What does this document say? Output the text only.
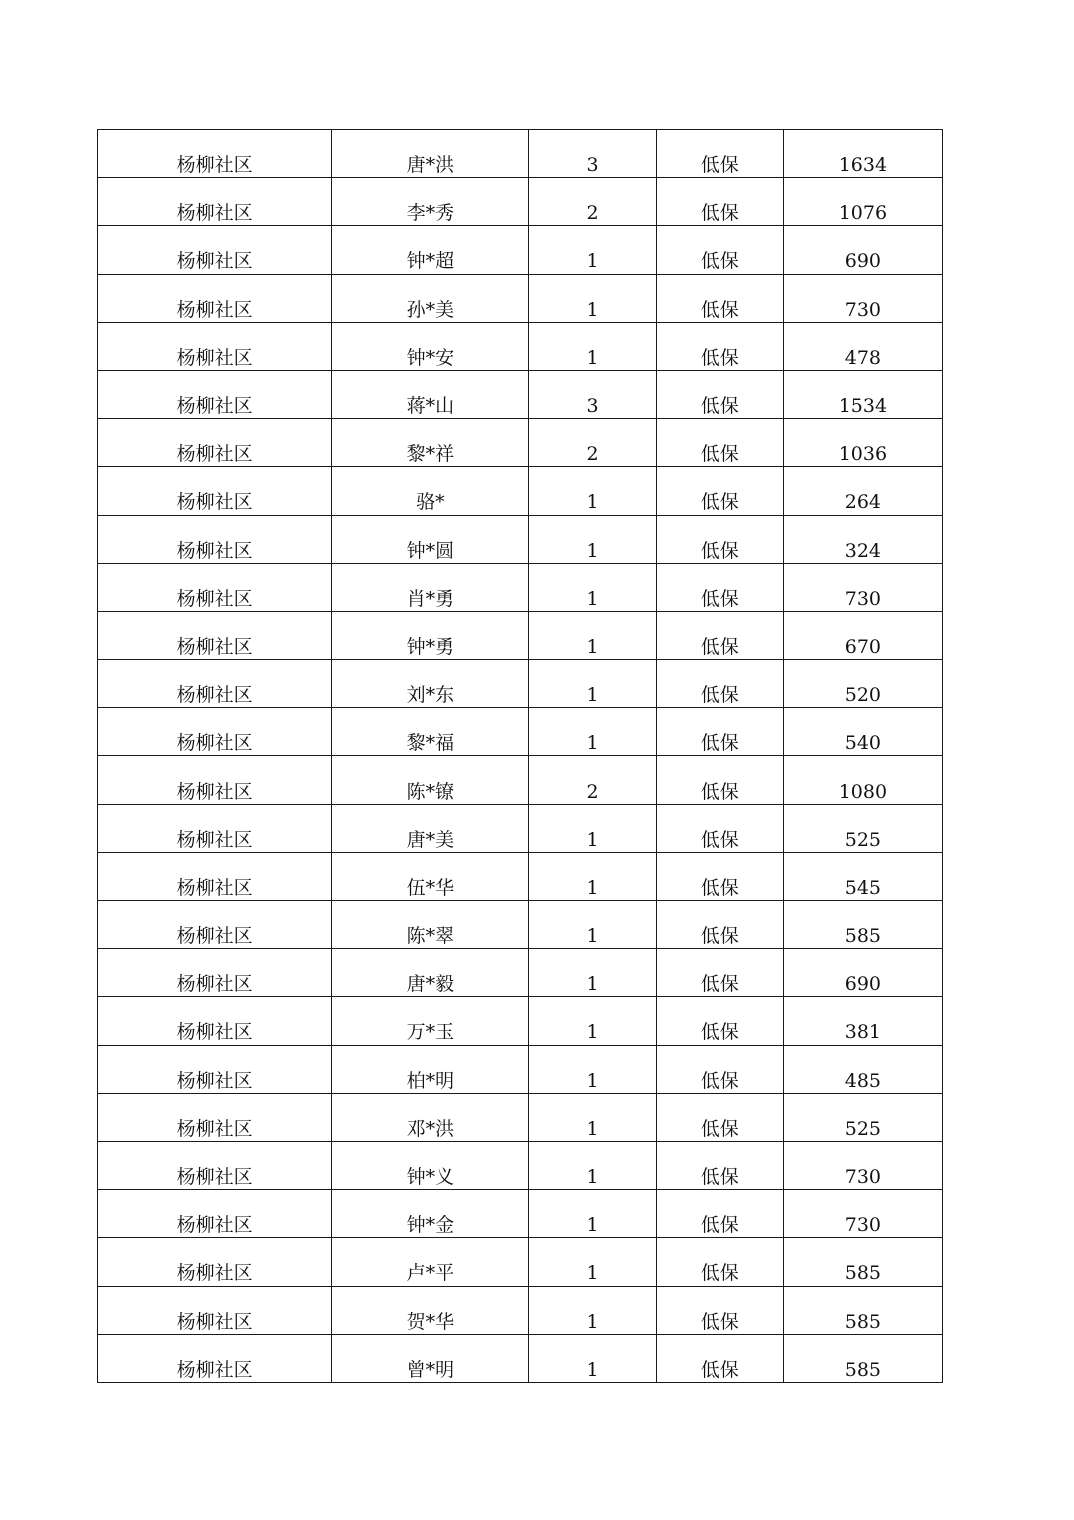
杨柳社区	唐*洪	3	低保	1634
杨柳社区	李*秀	2	低保	1076
杨柳社区	钟*超	1	低保	690
杨柳社区	孙*美	1	低保	730
杨柳社区	钟*安	1	低保	478
杨柳社区	蒋*山	3	低保	1534
杨柳社区	黎*祥	2	低保	1036
杨柳社区	骆*	1	低保	264
杨柳社区	钟*圆	1	低保	324
杨柳社区	肖*勇	1	低保	730
杨柳社区	钟*勇	1	低保	670
杨柳社区	刘*东	1	低保	520
杨柳社区	黎*福	1	低保	540
杨柳社区	陈*镣	2	低保	1080
杨柳社区	唐*美	1	低保	525
杨柳社区	伍*华	1	低保	545
杨柳社区	陈*翠	1	低保	585
杨柳社区	唐*毅	1	低保	690
杨柳社区	万*玉	1	低保	381
杨柳社区	柏*明	1	低保	485
杨柳社区	邓*洪	1	低保	525
杨柳社区	钟*义	1	低保	730
杨柳社区	钟*金	1	低保	730
杨柳社区	卢*平	1	低保	585
杨柳社区	贺*华	1	低保	585
杨柳社区	曾*明	1	低保	585
